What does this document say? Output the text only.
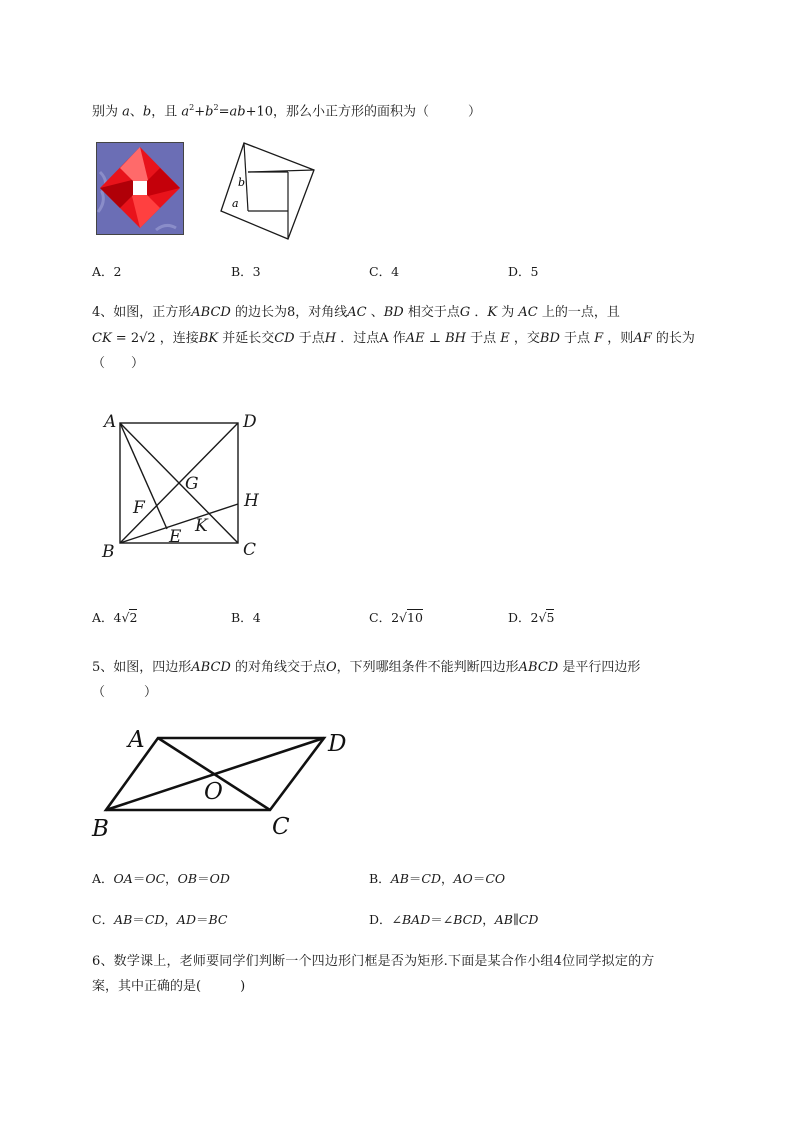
别为 a、b，且 $a^2+b^2=ab+10$，那么小正方形的面积为（　　　）
b
a
A．2	B．3	C．4	D．5
4、如图，正方形ABCD 的边长为8，对角线AC 、BD 相交于点G ．K 为 AC 上的一点，且
CK = 2√2 ，连接BK 并延长交CD 于点H ．过点A 作AE ⊥ BH 于点 E ，交BD 于点 F ，则AF 的长为
（　　）
A	D
G
H
F
K
E
B	C
A．4√2	B．4	C．2√10	D．2√5
5、如图，四边形ABCD 的对角线交于点O，下列哪组条件不能判断四边形ABCD 是平行四边形
（　　　）
A	D
O
B	C
A．OA＝OC，OB＝OD	B．AB＝CD，AO＝CO
C．AB＝CD，AD＝BC	D．∠BAD＝∠BCD，AB∥CD
6、数学课上，老师要同学们判断一个四边形门框是否为矩形.下面是某合作小组4位同学拟定的方
案，其中正确的是(　　　)
